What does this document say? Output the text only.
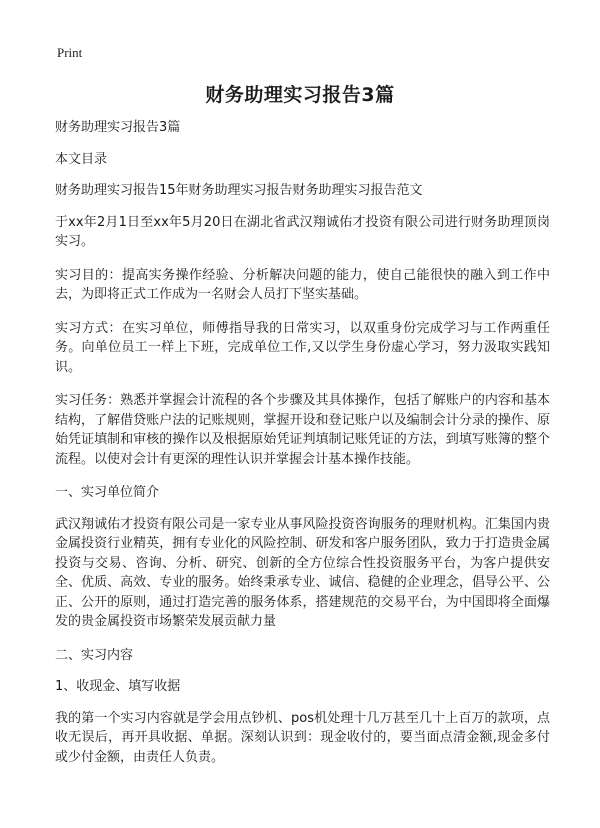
Print
财务助理实习报告3篇

财务助理实习报告3篇

本文目录

财务助理实习报告15年财务助理实习报告财务助理实习报告范文

于xx年2月1日至xx年5月20日在湖北省武汉翔诚佑才投资有限公司进行财务助理顶岗实习。

实习目的：提高实务操作经验、分析解决问题的能力，使自己能很快的融入到工作中去，为即将正式工作成为一名财会人员打下坚实基础。

实习方式：在实习单位，师傅指导我的日常实习，以双重身份完成学习与工作两重任务。向单位员工一样上下班，完成单位工作,又以学生身份虚心学习，努力汲取实践知识。

实习任务：熟悉并掌握会计流程的各个步骤及其具体操作，包括了解账户的内容和基本结构，了解借贷账户法的记账规则，掌握开设和登记账户以及编制会计分录的操作、原始凭证填制和审核的操作以及根据原始凭证判填制记账凭证的方法，到填写账簿的整个流程。以使对会计有更深的理性认识并掌握会计基本操作技能。

一、实习单位简介

武汉翔诚佑才投资有限公司是一家专业从事风险投资咨询服务的理财机构。汇集国内贵金属投资行业精英，拥有专业化的风险控制、研发和客户服务团队，致力于打造贵金属投资与交易、咨询、分析、研究、创新的全方位综合性投资服务平台，为客户提供安全、优质、高效、专业的服务。始终秉承专业、诚信、稳健的企业理念，倡导公平、公正、公开的原则，通过打造完善的服务体系，搭建规范的交易平台，为中国即将全面爆发的贵金属投资市场繁荣发展贡献力量

二、实习内容

1、收现金、填写收据

我的第一个实习内容就是学会用点钞机、pos机处理十几万甚至几十上百万的款项，点收无误后，再开具收据、单据。深刻认识到：现金收付的，要当面点清金额,现金多付或少付金额，由责任人负责。
